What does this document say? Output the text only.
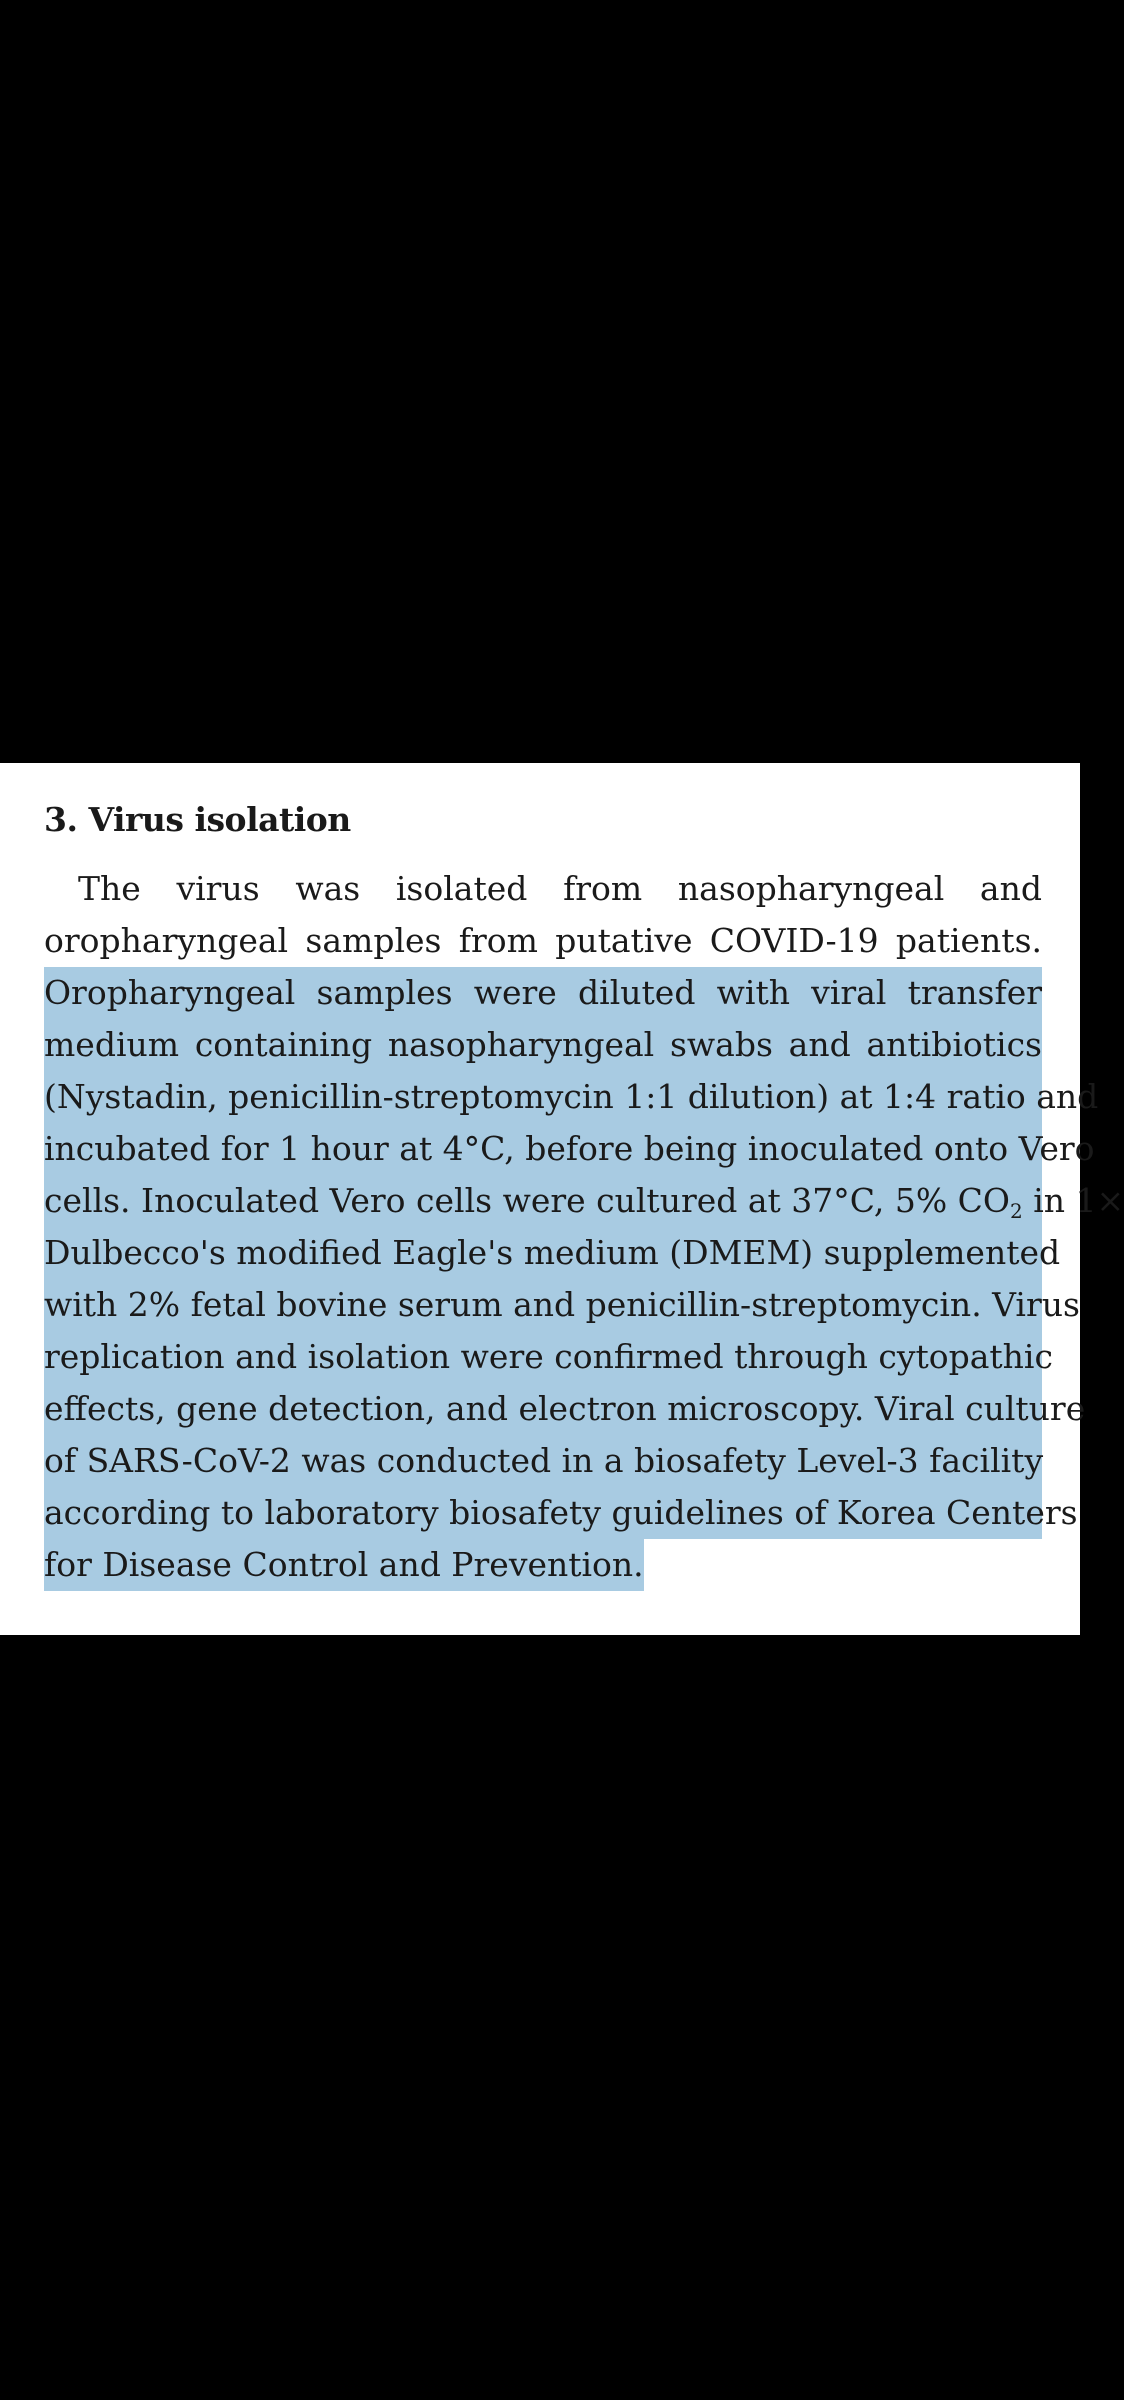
3. Virus isolation
The virus was isolated from nasopharyngeal and
oropharyngeal samples from putative COVID-19 patients.
Oropharyngeal samples were diluted with viral transfer
medium containing nasopharyngeal swabs and antibiotics
(Nystadin, penicillin-streptomycin 1:1 dilution) at 1:4 ratio and
incubated for 1 hour at 4°C, before being inoculated onto Vero
cells. Inoculated Vero cells were cultured at 37°C, 5% $CO_2$ in 1×
Dulbecco's modified Eagle's medium (DMEM) supplemented
with 2% fetal bovine serum and penicillin-streptomycin. Virus
replication and isolation were confirmed through cytopathic
effects, gene detection, and electron microscopy. Viral culture
of SARS-CoV-2 was conducted in a biosafety Level-3 facility
according to laboratory biosafety guidelines of Korea Centers
for Disease Control and Prevention.
